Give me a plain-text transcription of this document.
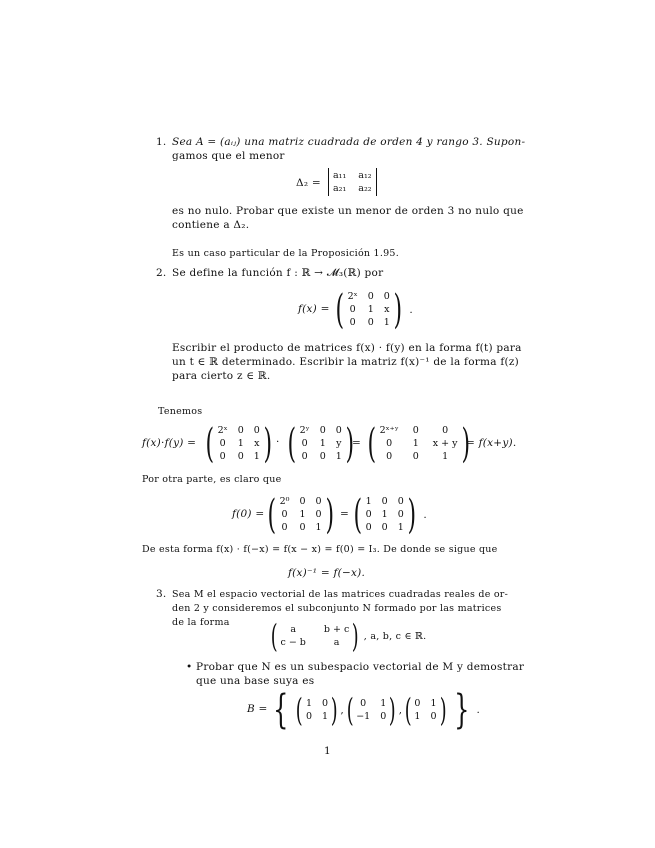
1. Sea A = (aᵢⱼ) una matriz cuadrada de orden 4 y rango 3. Supon-
gamos que el menor
Δ₂ =
a₁₁ a₁₂
a₂₁ a₂₂
es no nulo. Probar que existe un menor de orden 3 no nulo que
contiene a Δ₂.
Es un caso particular de la Proposición 1.95.
2. Se define la función f : ℝ → 𝓜₃(ℝ) por
f(x) = ( 2ˣ 0 0
0 1 x
0 0 1 ) .
Escribir el producto de matrices f(x) · f(y) en la forma f(t) para
un t ∈ ℝ determinado. Escribir la matriz f(x)⁻¹ de la forma f(z)
para cierto z ∈ ℝ.
Tenemos
f(x)·f(y) = ( 2ˣ 0 0
0 1 x
0 0 1 ) · ( 2ʸ 0 0
0 1 y
0 0 1 )
= ( 2ˣ⁺ʸ 0	0
0	1 x + y
0	0	1 )
= f(x+y).
Por otra parte, es claro que
f(0) = ( 2⁰ 0 0
0 1 0
0 0 1 ) = ( 1 0 0
0 1 0
0 0 1 ) .
De esta forma f(x) · f(−x) = f(x − x) = f(0) = I₃. De donde se sigue que
f(x)⁻¹ = f(−x).
3. Sea M el espacio vectorial de las matrices cuadradas reales de or-
den 2 y consideremos el subconjunto N formado por las matrices
de la forma (	a	b + c
c − b	a ) , a, b, c ∈ ℝ.
• Probar que N es un subespacio vectorial de M y demostrar
que una base suya es
B = { ( 1 0
0 1 ) , ( 0	1
−1 0 ) , ( 0 1
1 0 ) } .
1
